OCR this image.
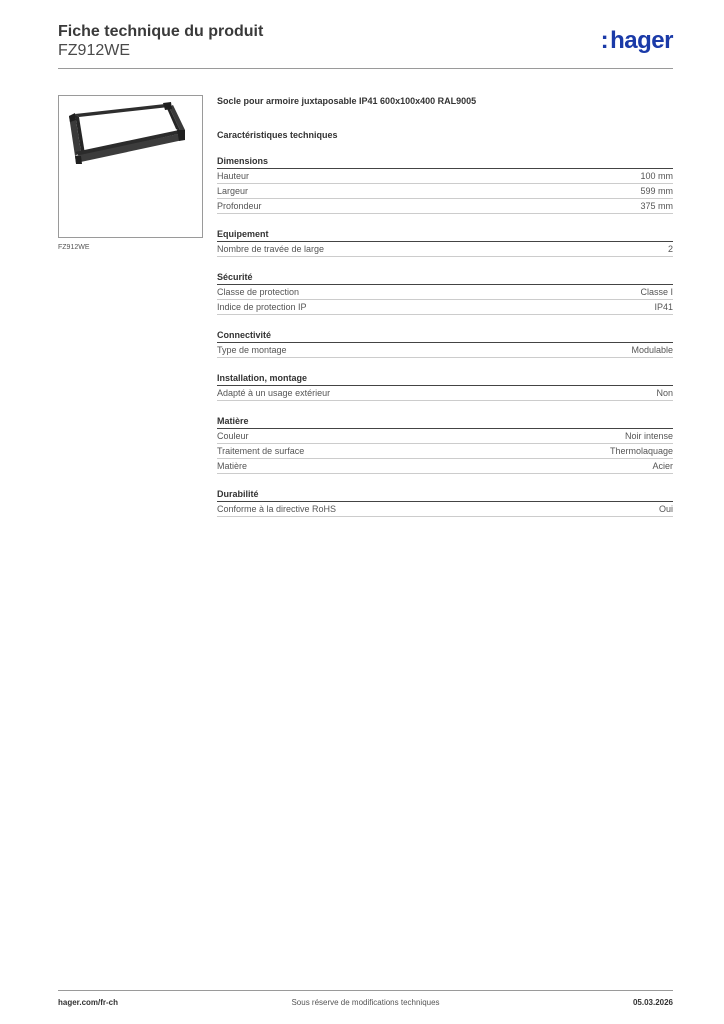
Fiche technique du produit
FZ912WE	:hager
FZ912WE
Socle pour armoire juxtaposable IP41 600x100x400 RAL9005
Caractéristiques techniques
Dimensions
Hauteur	100 mm
Largeur	599 mm
Profondeur	375 mm
Equipement
Nombre de travée de large	2
Sécurité
Classe de protection	Classe I
Indice de protection IP	IP41
Connectivité
Type de montage	Modulable
Installation, montage
Adapté à un usage extérieur	Non
Matière
Couleur	Noir intense
Traitement de surface	Thermolaquage
Matière	Acier
Durabilité
Conforme à la directive RoHS	Oui
hager.com/fr-ch	Sous réserve de modifications techniques	05.03.2026
